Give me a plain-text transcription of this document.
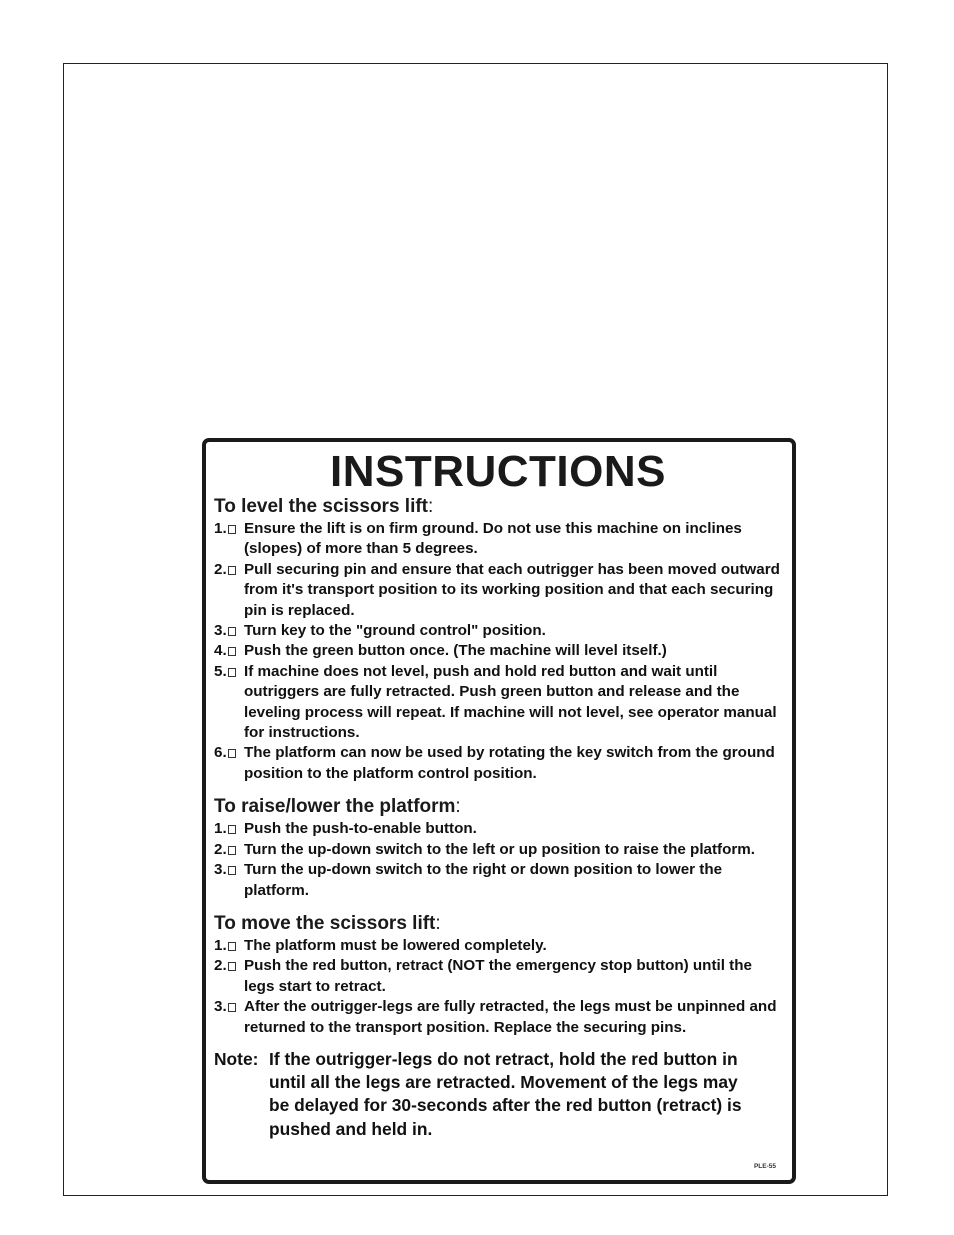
INSTRUCTIONS
To level the scissors lift:
1. Ensure the lift is on firm ground. Do not use this machine on inclines (slopes) of more than 5 degrees.
2. Pull securing pin and ensure that each outrigger has been moved outward from it's transport position to its working position and that each securing pin is replaced.
3. Turn key to the "ground control" position.
4. Push the green button once. (The machine will level itself.)
5. If machine does not level, push and hold red button and wait until outriggers are fully retracted. Push green button and release and the leveling process will repeat. If machine will not level, see operator manual for instructions.
6. The platform can now be used by rotating the key switch from the ground position to the platform control position.
To raise/lower the platform:
1. Push the push-to-enable button.
2. Turn the up-down switch to the left or up position to raise the platform.
3. Turn the up-down switch to the right or down position to lower the platform.
To move the scissors lift:
1. The platform must be lowered completely.
2. Push the red button, retract (NOT the emergency stop button) until the legs start to retract.
3. After the outrigger-legs are fully retracted, the legs must be unpinned and returned to the transport position. Replace the securing pins.
Note: If the outrigger-legs do not retract, hold the red button in until all the legs are retracted. Movement of the legs may be delayed for 30-seconds after the red button (retract) is pushed and held in.
PLE-55
